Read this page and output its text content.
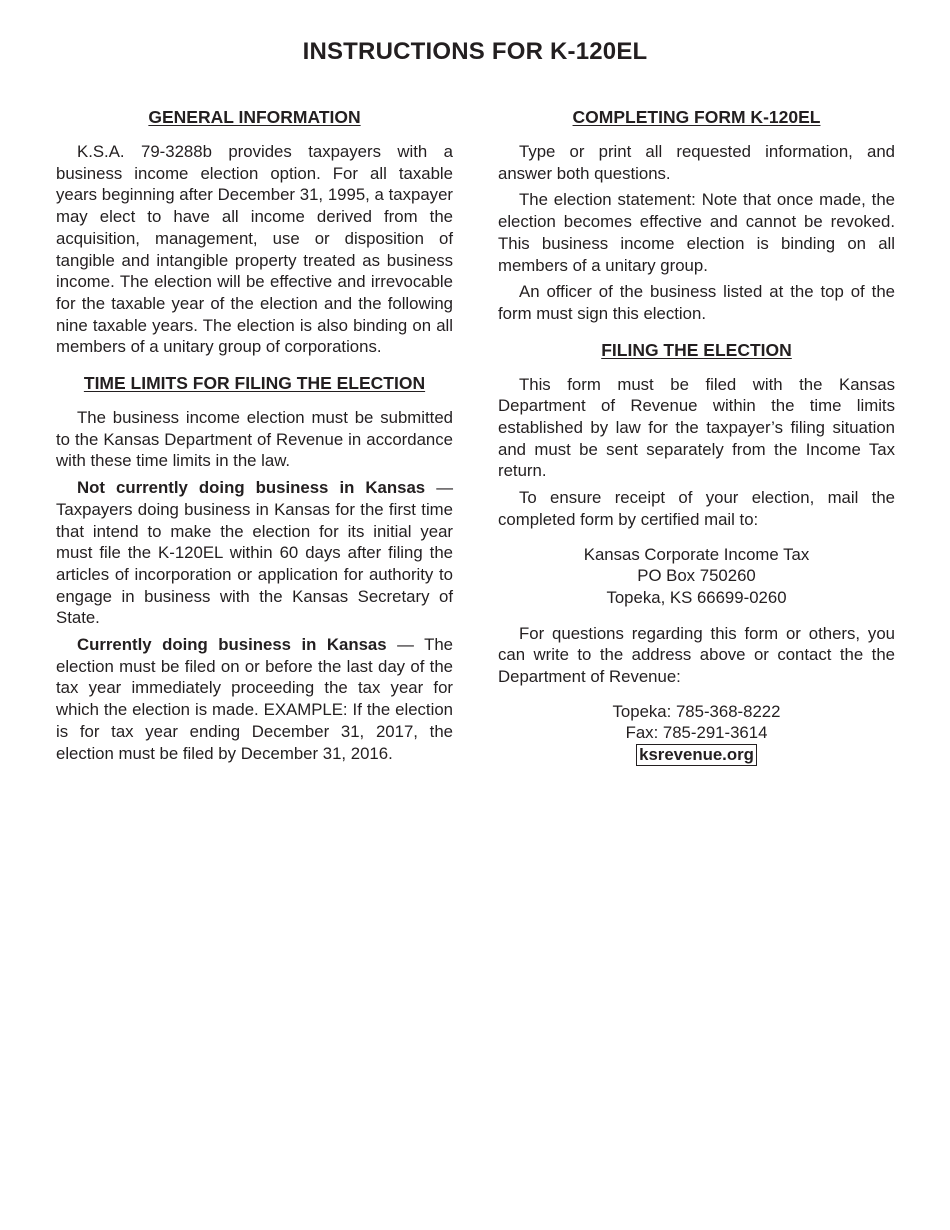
INSTRUCTIONS FOR K-120EL
GENERAL INFORMATION

K.S.A. 79-3288b provides taxpayers with a business income election option. For all taxable years beginning after December 31, 1995, a taxpayer may elect to have all income derived from the acquisition, management, use or disposition of tangible and intangible property treated as business income. The election will be effective and irrevocable for the taxable year of the election and the following nine taxable years. The election is also binding on all members of a unitary group of corporations.

TIME LIMITS FOR FILING THE ELECTION

The business income election must be submitted to the Kansas Department of Revenue in accordance with these time limits in the law.

Not currently doing business in Kansas — Taxpayers doing business in Kansas for the first time that intend to make the election for its initial year must file the K-120EL within 60 days after filing the articles of incorporation or application for authority to engage in business with the Kansas Secretary of State.

Currently doing business in Kansas — The election must be filed on or before the last day of the tax year immediately proceeding the tax year for which the election is made. EXAMPLE: If the election is for tax year ending December 31, 2017, the election must be filed by December 31, 2016.

COMPLETING FORM K-120EL

Type or print all requested information, and answer both questions.

The election statement: Note that once made, the election becomes effective and cannot be revoked. This business income election is binding on all members of a unitary group.

An officer of the business listed at the top of the form must sign this election.

FILING THE ELECTION

This form must be filed with the Kansas Department of Revenue within the time limits established by law for the taxpayer’s filing situation and must be sent separately from the Income Tax return.

To ensure receipt of your election, mail the completed form by certified mail to:

Kansas Corporate Income Tax
PO Box 750260
Topeka, KS 66699-0260

For questions regarding this form or others, you can write to the address above or contact the the Department of Revenue:

Topeka: 785-368-8222
Fax: 785-291-3614
ksrevenue.org
